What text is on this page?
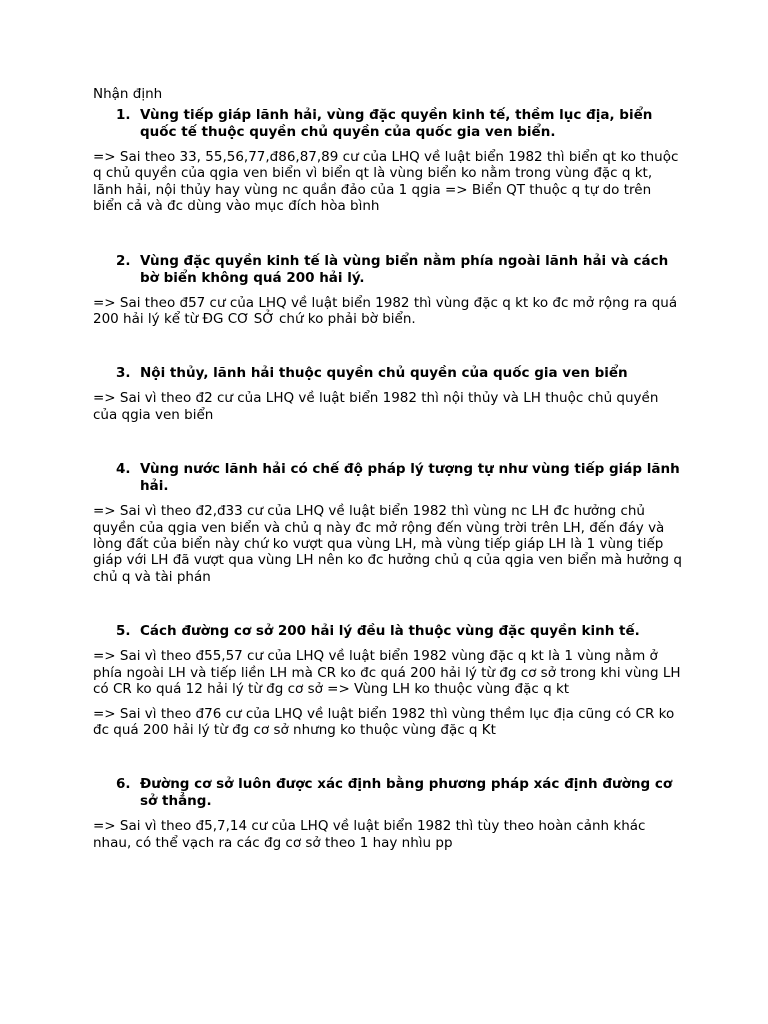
Nhận định

1. Vùng tiếp giáp lãnh hải, vùng đặc quyền kinh tế, thềm lục địa, biển quốc tế thuộc quyền chủ quyền của quốc gia ven biển.

=> Sai theo 33, 55,56,77,đ86,87,89 cư của LHQ về luật biển 1982 thì biển qt ko thuộc q chủ quyền của qgia ven biển vì biển qt là vùng biển ko nằm trong vùng đặc q kt, lãnh hải, nội thủy hay vùng nc quần đảo của 1 qgia => Biển QT thuộc q tự do trên biển cả và đc dùng vào mục đích hòa bình

2. Vùng đặc quyền kinh tế là vùng biển nằm phía ngoài lãnh hải và cách bờ biển không quá 200 hải lý.

=> Sai theo đ57 cư của LHQ về luật biển 1982 thì vùng đặc q kt ko đc mở rộng ra quá 200 hải lý kể từ ĐG CƠ SỞ chứ ko phải bờ biển.

3. Nội thủy, lãnh hải thuộc quyền chủ quyền của quốc gia ven biển

=> Sai vì theo đ2 cư của LHQ về luật biển 1982 thì nội thủy và LH thuộc chủ quyền của qgia ven biển

4. Vùng nước lãnh hải có chế độ pháp lý tượng tự như vùng tiếp giáp lãnh hải.

=> Sai vì theo đ2,đ33 cư của LHQ về luật biển 1982 thì vùng nc LH đc hưởng chủ quyền của qgia ven biển và chủ q này đc mở rộng đến vùng trời trên LH, đến đáy và lòng đất của biển này chứ ko vượt qua vùng LH, mà vùng tiếp giáp LH là 1 vùng tiếp giáp với LH đã vượt qua vùng LH nên ko đc hưởng chủ q của qgia ven biển mà hưởng q chủ q và tài phán

5. Cách đường cơ sở 200 hải lý đều là thuộc vùng đặc quyền kinh tế.

=> Sai vì theo đ55,57 cư của LHQ về luật biển 1982 vùng đặc q kt là 1 vùng nằm ở phía ngoài LH và tiếp liền LH mà CR ko đc quá 200 hải lý từ đg cơ sở trong khi vùng LH có CR ko quá 12 hải lý từ đg cơ sở => Vùng LH ko thuộc vùng đặc q kt

=> Sai vì theo đ76 cư của LHQ về luật biển 1982 thì vùng thềm lục địa cũng có CR ko đc quá 200 hải lý từ đg cơ sở nhưng ko thuộc vùng đặc q Kt

6. Đường cơ sở luôn được xác định bằng phương pháp xác định đường cơ sở thẳng.

=> Sai vì theo đ5,7,14 cư của LHQ về luật biển 1982 thì tùy theo hoàn cảnh khác nhau, có thể vạch ra các đg cơ sở theo 1 hay nhìu pp
